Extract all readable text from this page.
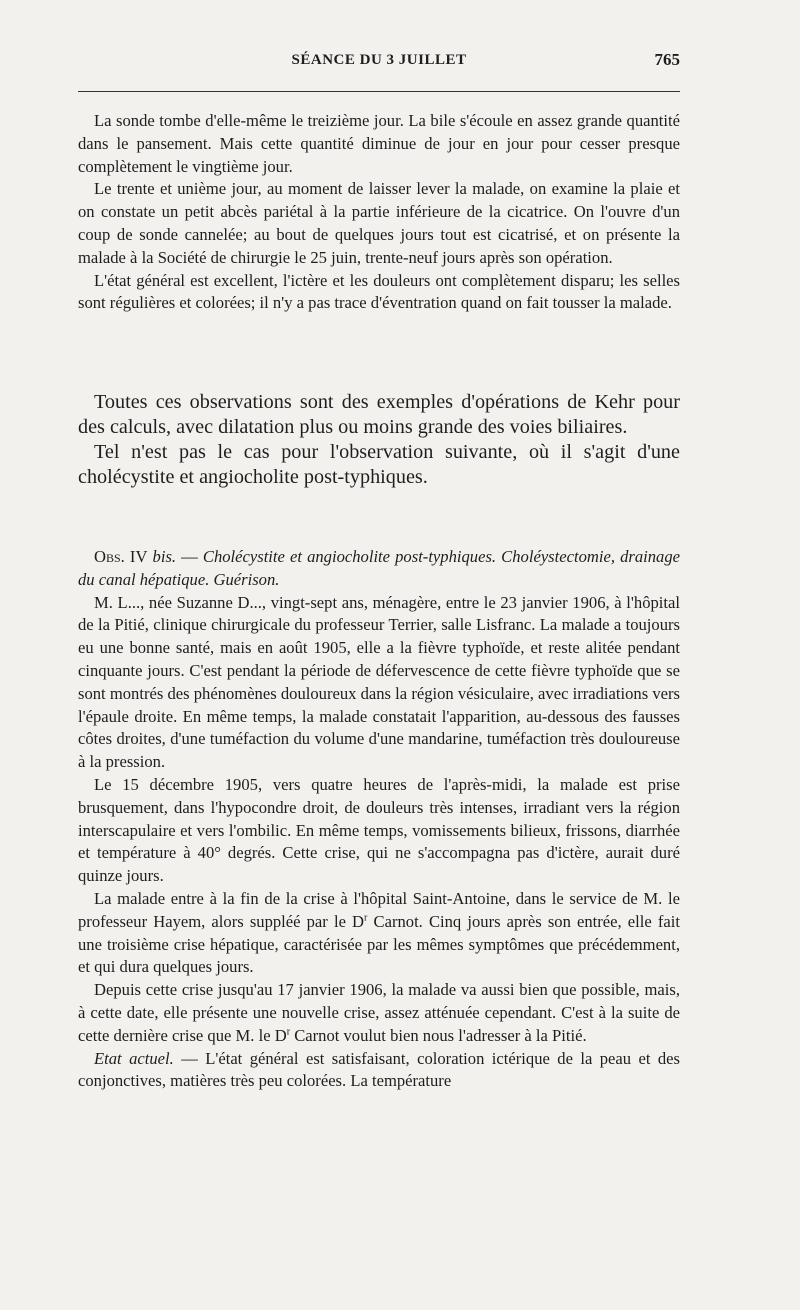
SÉANCE DU 3 JUILLET	765

La sonde tombe d'elle-même le treizième jour. La bile s'écoule en assez grande quantité dans le pansement. Mais cette quantité diminue de jour en jour pour cesser presque complètement le vingtième jour.

Le trente et unième jour, au moment de laisser lever la malade, on examine la plaie et on constate un petit abcès pariétal à la partie inférieure de la cicatrice. On l'ouvre d'un coup de sonde cannelée; au bout de quelques jours tout est cicatrisé, et on présente la malade à la Société de chirurgie le 25 juin, trente-neuf jours après son opération.

L'état général est excellent, l'ictère et les douleurs ont complètement disparu; les selles sont régulières et colorées; il n'y a pas trace d'éventration quand on fait tousser la malade.

Toutes ces observations sont des exemples d'opérations de Kehr pour des calculs, avec dilatation plus ou moins grande des voies biliaires.

Tel n'est pas le cas pour l'observation suivante, où il s'agit d'une cholécystite et angiocholite post-typhiques.

Obs. IV bis. — Cholécystite et angiocholite post-typhiques. Choléystectomie, drainage du canal hépatique. Guérison.

M. L..., née Suzanne D..., vingt-sept ans, ménagère, entre le 23 janvier 1906, à l'hôpital de la Pitié, clinique chirurgicale du professeur Terrier, salle Lisfranc. La malade a toujours eu une bonne santé, mais en août 1905, elle a la fièvre typhoïde, et reste alitée pendant cinquante jours. C'est pendant la période de défervescence de cette fièvre typhoïde que se sont montrés des phénomènes douloureux dans la région vésiculaire, avec irradiations vers l'épaule droite. En même temps, la malade constatait l'apparition, au-dessous des fausses côtes droites, d'une tuméfaction du volume d'une mandarine, tuméfaction très douloureuse à la pression.

Le 15 décembre 1905, vers quatre heures de l'après-midi, la malade est prise brusquement, dans l'hypocondre droit, de douleurs très intenses, irradiant vers la région interscapulaire et vers l'ombilic. En même temps, vomissements bilieux, frissons, diarrhée et température à 40° degrés. Cette crise, qui ne s'accompagna pas d'ictère, aurait duré quinze jours.

La malade entre à la fin de la crise à l'hôpital Saint-Antoine, dans le service de M. le professeur Hayem, alors suppléé par le $D^r$ Carnot. Cinq jours après son entrée, elle fait une troisième crise hépatique, caractérisée par les mêmes symptômes que précédemment, et qui dura quelques jours.

Depuis cette crise jusqu'au 17 janvier 1906, la malade va aussi bien que possible, mais, à cette date, elle présente une nouvelle crise, assez atténuée cependant. C'est à la suite de cette dernière crise que M. le $D^r$ Carnot voulut bien nous l'adresser à la Pitié.

Etat actuel. — L'état général est satisfaisant, coloration ictérique de la peau et des conjonctives, matières très peu colorées. La température
